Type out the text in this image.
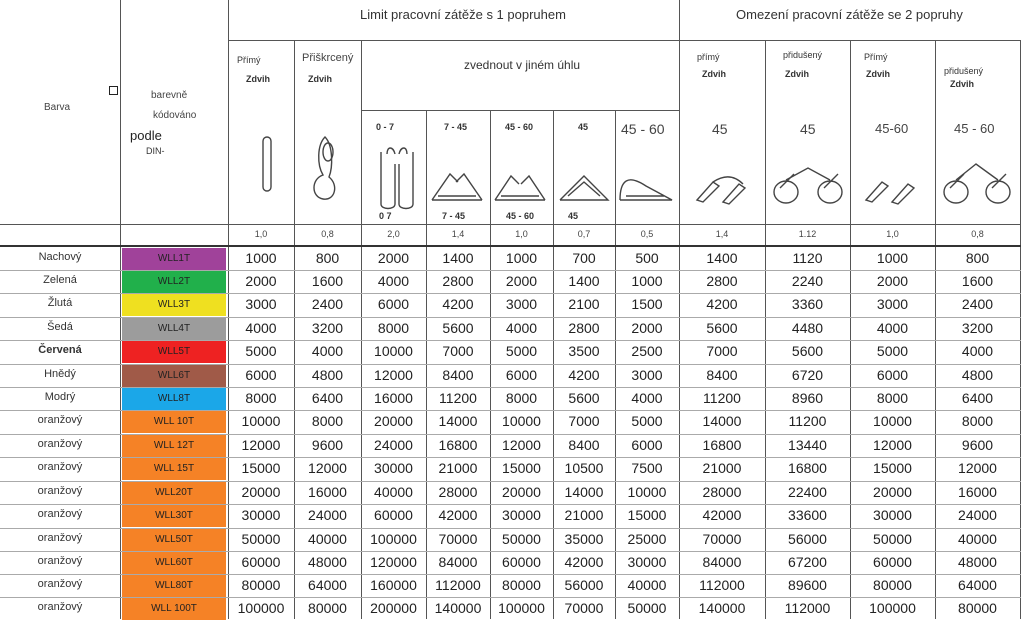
Barva
barevně
kódováno
podle
DIN-
Limit pracovní zátěže s 1 popruhem	Omezení pracovní zátěže se 2 popruhy
Přímý
Zdvih
Přiškrcený
Zdvih
zvednout v jiném úhlu
0 - 7	7 - 45	45 - 60	45 45 - 60
přímý
Zdvih
přidušený
Zdvih
Přímý
Zdvih	přidušený
Zdvih
45	45	45-60	45 - 60
0 7	7 - 45	45 - 60	45
1,0	0,8	2,0	1,4	1,0	0,7	0,5	1,4	1.12	1,0	0,8
Nachový	WLL1T	1000	800	2000	1400	1000	700	500	1400	1120	1000	800
Zelená	WLL2T	2000	1600	4000	2800	2000	1400	1000	2800	2240	2000	1600
Žlutá	WLL3T	3000	2400	6000	4200	3000	2100	1500	4200	3360	3000	2400
Šedá	WLL4T	4000	3200	8000	5600	4000	2800	2000	5600	4480	4000	3200
Červená	WLL5T	5000	4000	10000	7000	5000	3500	2500	7000	5600	5000	4000
Hnědý	WLL6T	6000	4800	12000	8400	6000	4200	3000	8400	6720	6000	4800
Modrý	WLL8T	8000	6400	16000	11200	8000	5600	4000	11200	8960	8000	6400
oranžový	WLL 10T	10000	8000	20000	14000	10000	7000	5000	14000	11200	10000	8000
oranžový	WLL 12T	12000	9600	24000	16800	12000	8400	6000	16800	13440	12000	9600
oranžový	WLL 15T	15000	12000	30000	21000	15000	10500	7500	21000	16800	15000	12000
oranžový	WLL20T	20000	16000	40000	28000	20000	14000	10000	28000	22400	20000	16000
oranžový	WLL30T	30000	24000	60000	42000	30000	21000	15000	42000	33600	30000	24000
oranžový	WLL50T	50000	40000	100000	70000	50000	35000	25000	70000	56000	50000	40000
oranžový	WLL60T	60000	48000	120000	84000	60000	42000	30000	84000	67200	60000	48000
oranžový	WLL80T	80000	64000	160000	112000	80000	56000	40000	112000	89600	80000	64000
oranžový	WLL 100T	100000	80000	200000	140000	100000	70000	50000	140000	112000	100000	80000
